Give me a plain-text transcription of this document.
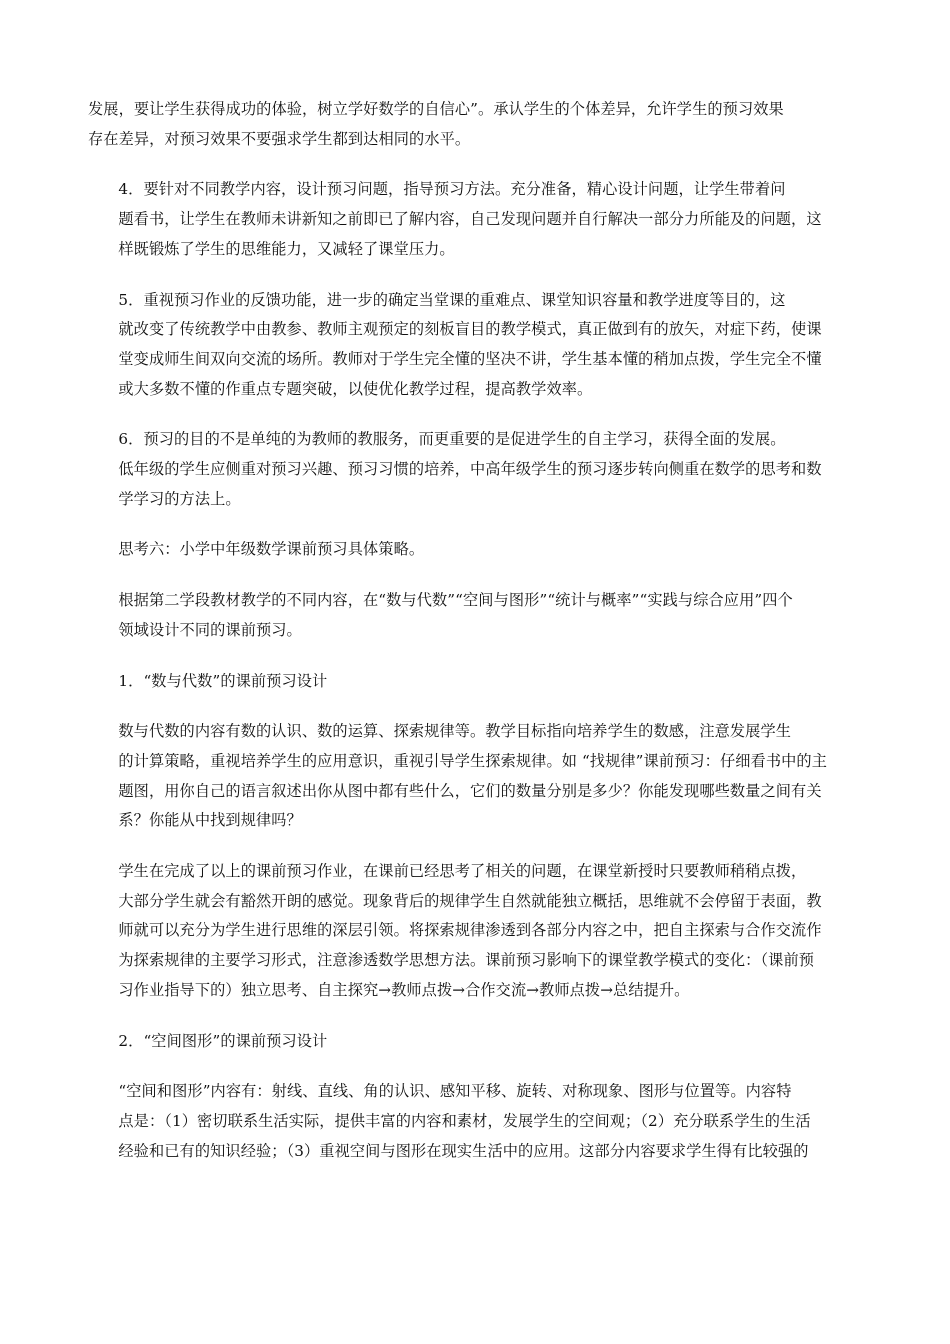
发展，要让学生获得成功的体验，树立学好数学的自信心”。承认学生的个体差异，允许学生的预习效果
存在差异，对预习效果不要强求学生都到达相同的水平。

4．要针对不同教学内容，设计预习问题，指导预习方法。充分准备，精心设计问题，让学生带着问
题看书，让学生在教师未讲新知之前即已了解内容，自己发现问题并自行解决一部分力所能及的问题，这
样既锻炼了学生的思维能力，又减轻了课堂压力。

5．重视预习作业的反馈功能，进一步的确定当堂课的重难点、课堂知识容量和教学进度等目的，这
就改变了传统教学中由教参、教师主观预定的刻板盲目的教学模式，真正做到有的放矢，对症下药，使课
堂变成师生间双向交流的场所。教师对于学生完全懂的坚决不讲，学生基本懂的稍加点拨，学生完全不懂
或大多数不懂的作重点专题突破，以使优化教学过程，提高教学效率。

6．预习的目的不是单纯的为教师的教服务，而更重要的是促进学生的自主学习，获得全面的发展。
低年级的学生应侧重对预习兴趣、预习习惯的培养，中高年级学生的预习逐步转向侧重在数学的思考和数
学学习的方法上。

思考六：小学中年级数学课前预习具体策略。

根据第二学段教材教学的不同内容，在“数与代数”“空间与图形”“统计与概率”“实践与综合应用”四个
领域设计不同的课前预习。

1．“数与代数”的课前预习设计

数与代数的内容有数的认识、数的运算、探索规律等。教学目标指向培养学生的数感，注意发展学生
的计算策略，重视培养学生的应用意识，重视引导学生探索规律。如 “找规律”课前预习：仔细看书中的主
题图，用你自己的语言叙述出你从图中都有些什么，它们的数量分别是多少？你能发现哪些数量之间有关
系？你能从中找到规律吗？

学生在完成了以上的课前预习作业，在课前已经思考了相关的问题，在课堂新授时只要教师稍稍点拨，
大部分学生就会有豁然开朗的感觉。现象背后的规律学生自然就能独立概括，思维就不会停留于表面，教
师就可以充分为学生进行思维的深层引领。将探索规律渗透到各部分内容之中，把自主探索与合作交流作
为探索规律的主要学习形式，注意渗透数学思想方法。课前预习影响下的课堂教学模式的变化：（课前预
习作业指导下的）独立思考、自主探究→教师点拨→合作交流→教师点拨→总结提升。

2．“空间图形”的课前预习设计

“空间和图形”内容有：射线、直线、角的认识、感知平移、旋转、对称现象、图形与位置等。内容特
点是：（1）密切联系生活实际，提供丰富的内容和素材，发展学生的空间观；（2）充分联系学生的生活
经验和已有的知识经验；（3）重视空间与图形在现实生活中的应用。这部分内容要求学生得有比较强的
